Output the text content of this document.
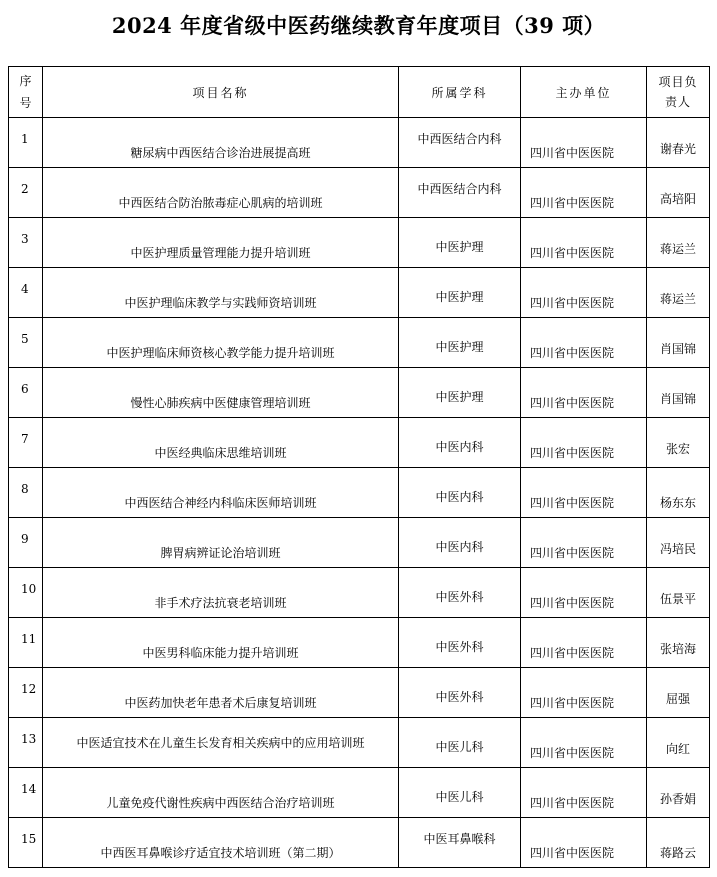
2024 年度省级中医药继续教育年度项目（39 项）
序号	项目名称	所属学科	主办单位	项目负责人

1	糖尿病中西医结合诊治进展提高班	中西医结合内科	四川省中医医院	谢春光

2	中西医结合防治脓毒症心肌病的培训班	中西医结合内科	四川省中医医院	高培阳

3	中医护理质量管理能力提升培训班	中医护理	四川省中医医院	蒋运兰

4	中医护理临床教学与实践师资培训班	中医护理	四川省中医医院	蒋运兰

5	中医护理临床师资核心教学能力提升培训班	中医护理	四川省中医医院	肖国锦

6	慢性心肺疾病中医健康管理培训班	中医护理	四川省中医医院	肖国锦

7	中医经典临床思维培训班	中医内科	四川省中医医院	张宏

8	中西医结合神经内科临床医师培训班	中医内科	四川省中医医院	杨东东

9	脾胃病辨证论治培训班	中医内科	四川省中医医院	冯培民

10	非手术疗法抗衰老培训班	中医外科	四川省中医医院	伍景平

11	中医男科临床能力提升培训班	中医外科	四川省中医医院	张培海

12	中医药加快老年患者术后康复培训班	中医外科	四川省中医医院	屈强

13	中医适宜技术在儿童生长发育相关疾病中的应用培训班	中医儿科	四川省中医医院	向红

14	儿童免疫代谢性疾病中西医结合治疗培训班	中医儿科	四川省中医医院	孙香娟

15	中西医耳鼻喉诊疗适宜技术培训班（第二期）	中医耳鼻喉科	四川省中医医院	蒋路云
